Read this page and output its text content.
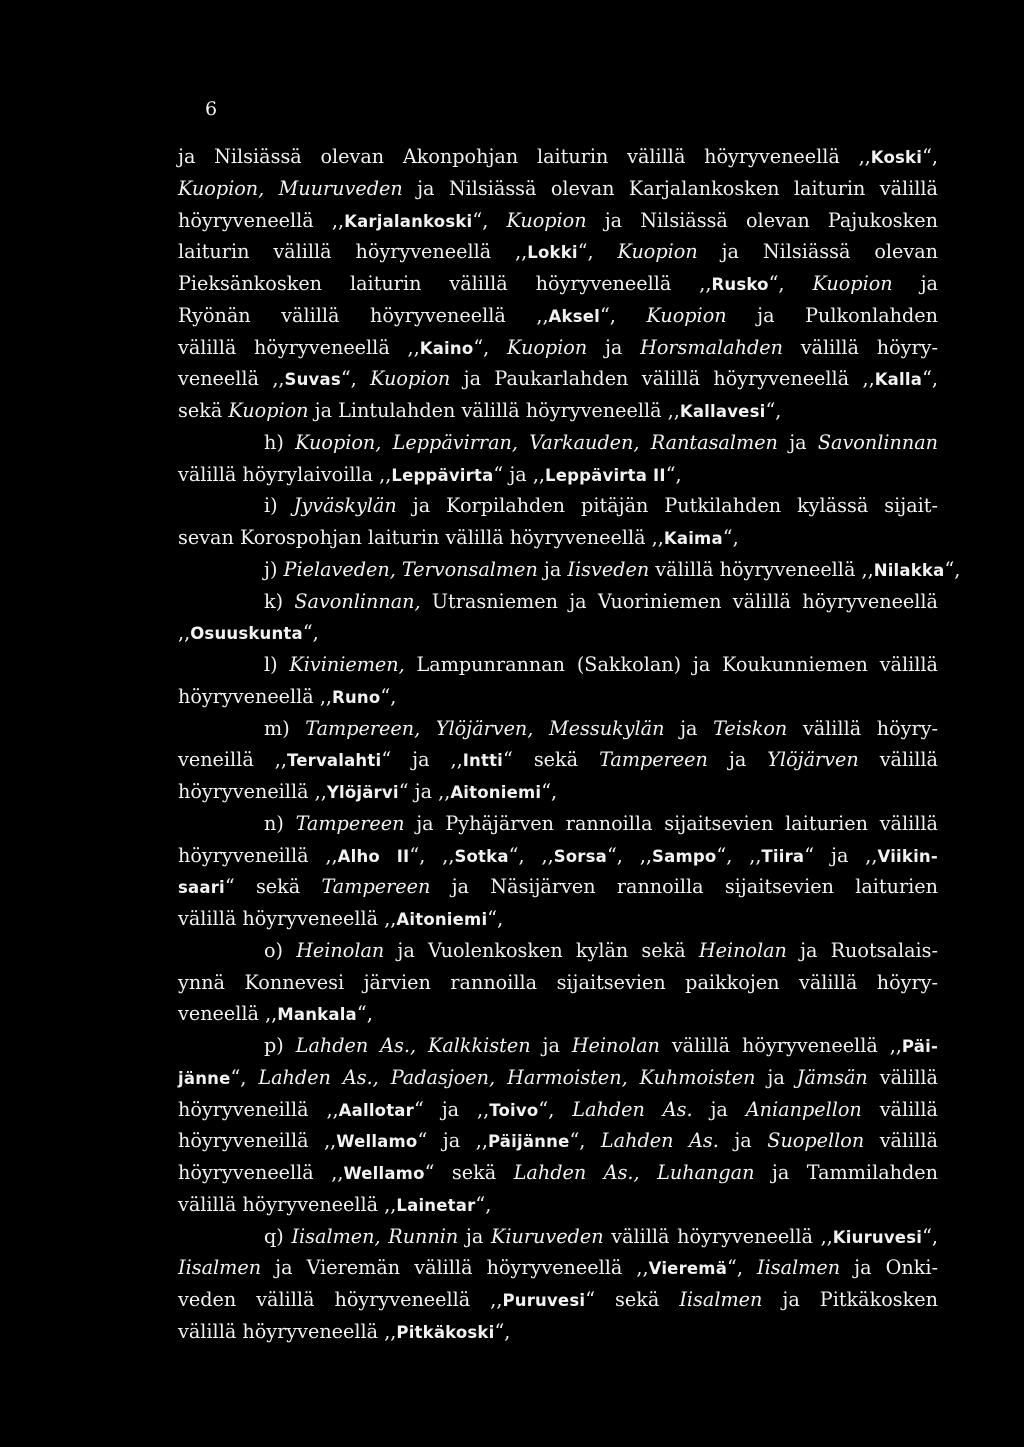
6
ja Nilsiässä olevan Akonpohjan laiturin välillä höyryveneellä ,,Koski“,
Kuopion, Muuruveden ja Nilsiässä olevan Karjalankosken laiturin välillä
höyryveneellä ,,Karjalankoski“, Kuopion ja Nilsiässä olevan Pajukosken
laiturin välillä höyryveneellä ,,Lokki“, Kuopion ja Nilsiässä olevan
Pieksänkosken laiturin välillä höyryveneellä ,,Rusko“, Kuopion ja
Ryönän välillä höyryveneellä ,,Aksel“, Kuopion ja Pulkonlahden
välillä höyryveneellä ,,Kaino“, Kuopion ja Horsmalahden välillä höyry-
veneellä ,,Suvas“, Kuopion ja Paukarlahden välillä höyryveneellä ,,Kalla“,
sekä Kuopion ja Lintulahden välillä höyryveneellä ,,Kallavesi“,
h) Kuopion, Leppävirran, Varkauden, Rantasalmen ja Savonlinnan
välillä höyrylaivoilla ,,Leppävirta“ ja ,,Leppävirta II“,
i) Jyväskylän ja Korpilahden pitäjän Putkilahden kylässä sijait-
sevan Korospohjan laiturin välillä höyryveneellä ,,Kaima“,
j) Pielaveden, Tervonsalmen ja Iisveden välillä höyryveneellä ,,Nilakka“,
k) Savonlinnan, Utrasniemen ja Vuoriniemen välillä höyryveneellä
,,Osuuskunta“,
l) Kiviniemen, Lampunrannan (Sakkolan) ja Koukunniemen välillä
höyryveneellä ,,Runo“,
m) Tampereen, Ylöjärven, Messukylän ja Teiskon välillä höyry-
veneillä ,,Tervalahti“ ja ,,Intti“ sekä Tampereen ja Ylöjärven välillä
höyryveneillä ,,Ylöjärvi“ ja ,,Aitoniemi“,
n) Tampereen ja Pyhäjärven rannoilla sijaitsevien laiturien välillä
höyryveneillä ,,Alho II“, ,,Sotka“, ,,Sorsa“, ,,Sampo“, ,,Tiira“ ja ,,Viikin-
saari“ sekä Tampereen ja Näsijärven rannoilla sijaitsevien laiturien
välillä höyryveneellä ,,Aitoniemi“,
o) Heinolan ja Vuolenkosken kylän sekä Heinolan ja Ruotsalais-
ynnä Konnevesi järvien rannoilla sijaitsevien paikkojen välillä höyry-
veneellä ,,Mankala“,
p) Lahden As., Kalkkisten ja Heinolan välillä höyryveneellä ,,Päi-
jänne“, Lahden As., Padasjoen, Harmoisten, Kuhmoisten ja Jämsän välillä
höyryveneillä ,,Aallotar“ ja ,,Toivo“, Lahden As. ja Anianpellon välillä
höyryveneillä ,,Wellamo“ ja ,,Päijänne“, Lahden As. ja Suopellon välillä
höyryveneellä ,,Wellamo“ sekä Lahden As., Luhangan ja Tammilahden
välillä höyryveneellä ,,Lainetar“,
q) Iisalmen, Runnin ja Kiuruveden välillä höyryveneellä ,,Kiuruvesi“,
Iisalmen ja Vieremän välillä höyryveneellä ,,Vieremä“, Iisalmen ja Onki-
veden välillä höyryveneellä ,,Puruvesi“ sekä Iisalmen ja Pitkäkosken
välillä höyryveneellä ,,Pitkäkoski“,
